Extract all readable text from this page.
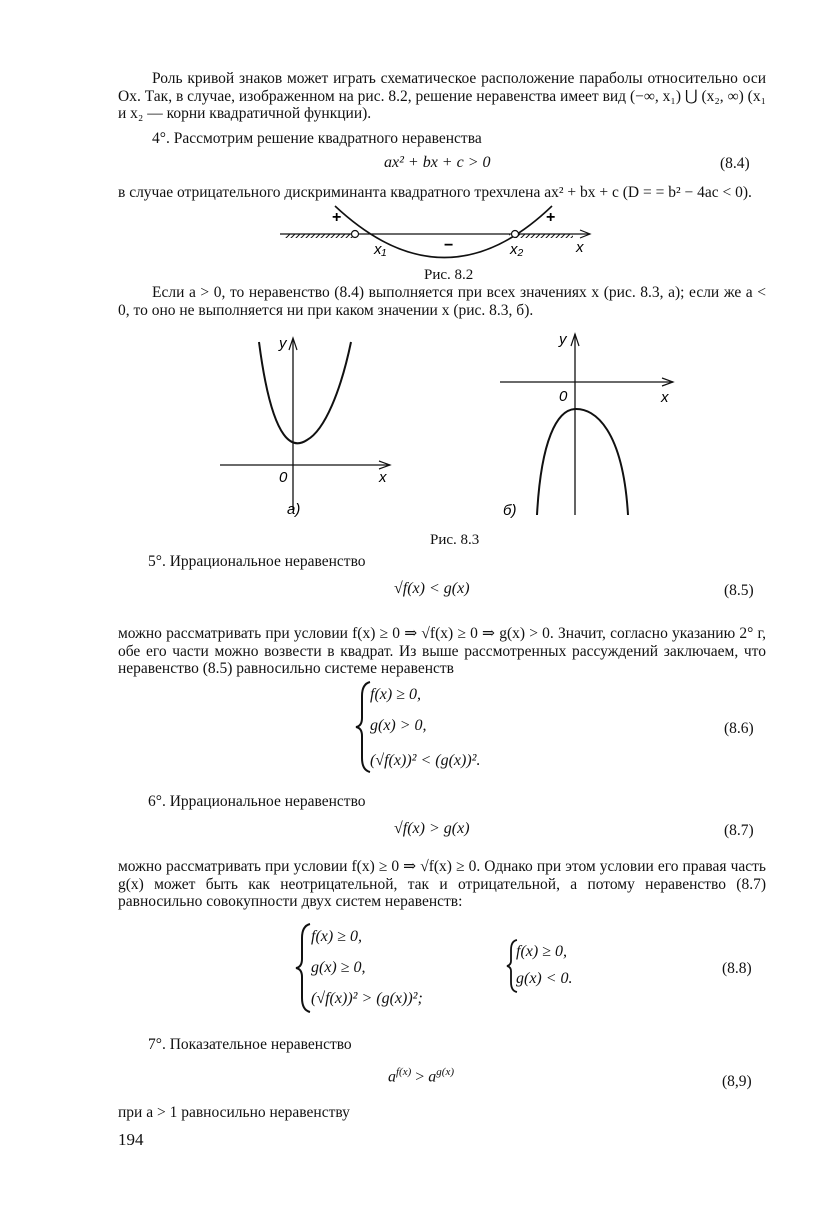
Роль кривой знаков может играть схематическое расположение параболы относительно оси Ox. Так, в случае, изображенном на рис. 8.2, решение неравенства имеет вид (−∞, x₁) ⋃ (x₂, ∞) (x₁ и x₂ — корни квадратичной функции).
4°. Рассмотрим решение квадратного неравенства
ax² + bx + c > 0	(8.4)
в случае отрицательного дискриминанта квадратного трехчлена ax² + bx + c (D = = b² − 4ac < 0).
+	+
−
x₁	x₂	x
Рис. 8.2
Если a > 0, то неравенство (8.4) выполняется при всех значениях x (рис. 8.3, а); если же a < 0, то оно не выполняется ни при каком значении x (рис. 8.3, б).
y
x
0
а)
y
x
0
б)
Рис. 8.3
5°. Иррациональное неравенство
√f(x) < g(x)	(8.5)
можно рассматривать при условии f(x) ≥ 0 ⇒ √f(x) ≥ 0 ⇒ g(x) > 0. Значит, согласно указанию 2° г, обе его части можно возвести в квадрат. Из выше рассмотренных рассуждений заключаем, что неравенство (8.5) равносильно системе неравенств
f(x) ≥ 0,
g(x) > 0,
(√f(x))² < (g(x))².
(8.6)
6°. Иррациональное неравенство
√f(x) > g(x)	(8.7)
можно рассматривать при условии f(x) ≥ 0 ⇒ √f(x) ≥ 0. Однако при этом условии его правая часть g(x) может быть как неотрицательной, так и отрицательной, а потому неравенство (8.7) равносильно совокупности двух систем неравенств:
f(x) ≥ 0,
g(x) ≥ 0,
(√f(x))² > (g(x))²;
f(x) ≥ 0,
g(x) < 0.
(8.8)
7°. Показательное неравенство
$a^{f(x)} > a^{g(x)}$
(8,9)
при a > 1 равносильно неравенству
194
